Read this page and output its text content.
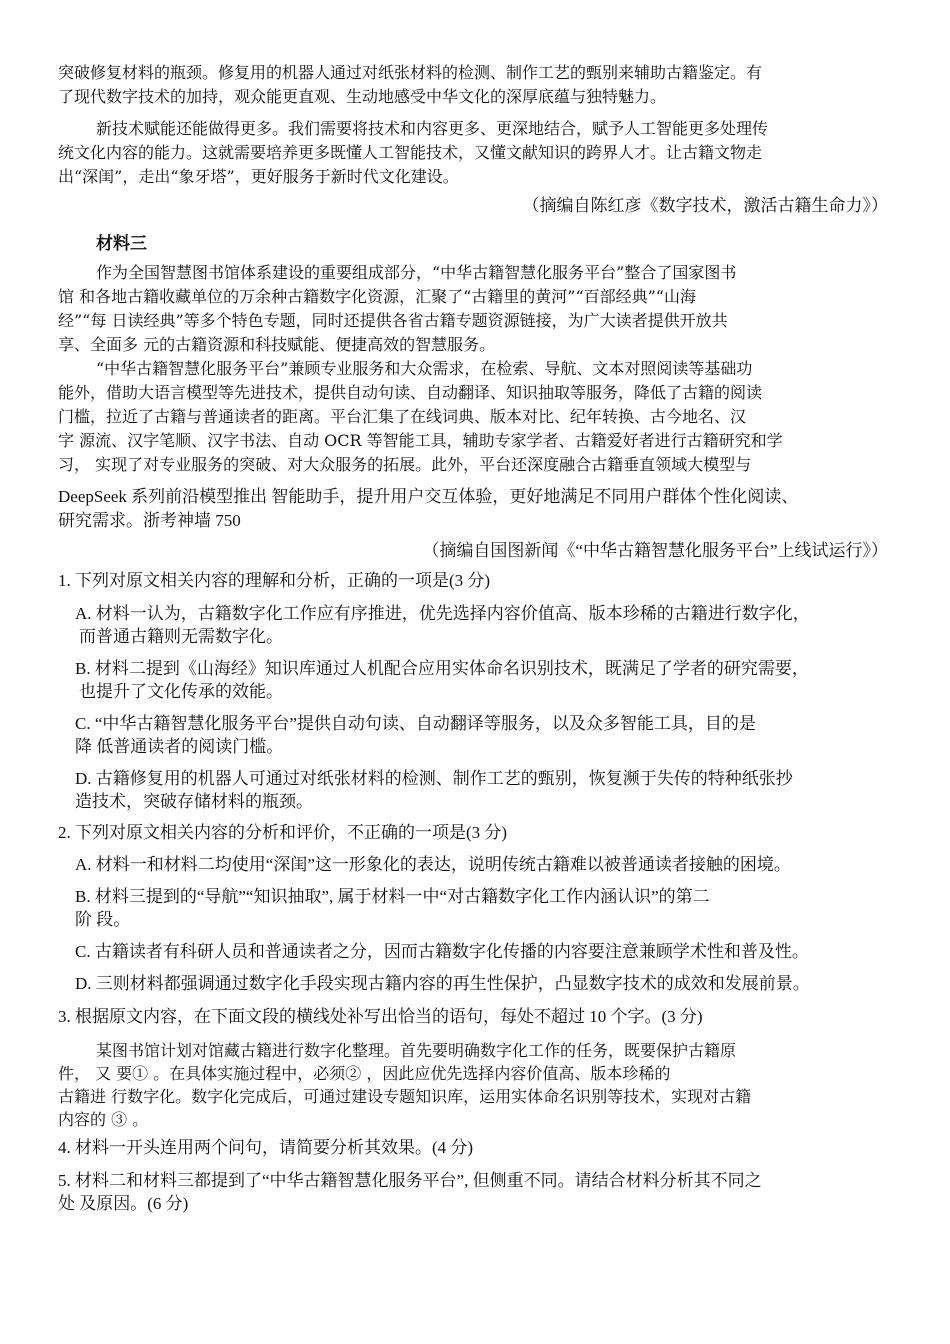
突破修复材料的瓶颈。修复用的机器人通过对纸张材料的检测、制作工艺的甄别来辅助古籍鉴定。有
了现代数字技术的加持，观众能更直观、生动地感受中华文化的深厚底蕴与独特魅力。
新技术赋能还能做得更多。我们需要将技术和内容更多、更深地结合，赋予人工智能更多处理传
统文化内容的能力。这就需要培养更多既懂人工智能技术，又懂文献知识的跨界人才。让古籍文物走
出“深闺”，走出“象牙塔”，更好服务于新时代文化建设。
（摘编自陈红彦《数字技术，激活古籍生命力》）
材料三
作为全国智慧图书馆体系建设的重要组成部分，“中华古籍智慧化服务平台”整合了国家图书
馆 和各地古籍收藏单位的万余种古籍数字化资源，汇聚了“古籍里的黄河”“百部经典”“山海
经”“每 日读经典”等多个特色专题，同时还提供各省古籍专题资源链接，为广大读者提供开放共
享、全面多 元的古籍资源和科技赋能、便捷高效的智慧服务。
“中华古籍智慧化服务平台”兼顾专业服务和大众需求，在检索、导航、文本对照阅读等基础功
能外，借助大语言模型等先进技术，提供自动句读、自动翻译、知识抽取等服务，降低了古籍的阅读
门槛，拉近了古籍与普通读者的距离。平台汇集了在线词典、版本对比、纪年转换、古今地名、汉
字 源流、汉字笔顺、汉字书法、自动 OCR 等智能工具，辅助专家学者、古籍爱好者进行古籍研究和学
习， 实现了对专业服务的突破、对大众服务的拓展。此外，平台还深度融合古籍垂直领域大模型与
DeepSeek 系列前沿模型推出 智能助手，提升用户交互体验，更好地满足不同用户群体个性化阅读、
研究需求。浙考神墙 750
（摘编自国图新闻《“中华古籍智慧化服务平台”上线试运行》）
1. 下列对原文相关内容的理解和分析，正确的一项是(3 分)
A. 材料一认为，古籍数字化工作应有序推进，优先选择内容价值高、版本珍稀的古籍进行数字化，
而普通古籍则无需数字化。
B. 材料二提到《山海经》知识库通过人机配合应用实体命名识别技术，既满足了学者的研究需要，
也提升了文化传承的效能。
C. “中华古籍智慧化服务平台”提供自动句读、自动翻译等服务，以及众多智能工具，目的是
降 低普通读者的阅读门槛。
D. 古籍修复用的机器人可通过对纸张材料的检测、制作工艺的甄别，恢复濒于失传的特种纸张抄
造技术，突破存储材料的瓶颈。
2. 下列对原文相关内容的分析和评价，不正确的一项是(3 分)
A. 材料一和材料二均使用“深闺”这一形象化的表达，说明传统古籍难以被普通读者接触的困境。
B. 材料三提到的“导航”“知识抽取”, 属于材料一中“对古籍数字化工作内涵认识”的第二
阶 段。
C. 古籍读者有科研人员和普通读者之分，因而古籍数字化传播的内容要注意兼顾学术性和普及性。
D. 三则材料都强调通过数字化手段实现古籍内容的再生性保护，凸显数字技术的成效和发展前景。
3. 根据原文内容，在下面文段的横线处补写出恰当的语句，每处不超过 10 个字。(3 分)
某图书馆计划对馆藏古籍进行数字化整理。首先要明确数字化工作的任务，既要保护古籍原
件， 又 要① 。在具体实施过程中，必须② ，因此应优先选择内容价值高、版本珍稀的
古籍进 行数字化。数字化完成后，可通过建设专题知识库，运用实体命名识别等技术，实现对古籍
内容的 ③ 。
4. 材料一开头连用两个问句，请简要分析其效果。(4 分)
5. 材料二和材料三都提到了“中华古籍智慧化服务平台”, 但侧重不同。请结合材料分析其不同之
处 及原因。(6 分)
